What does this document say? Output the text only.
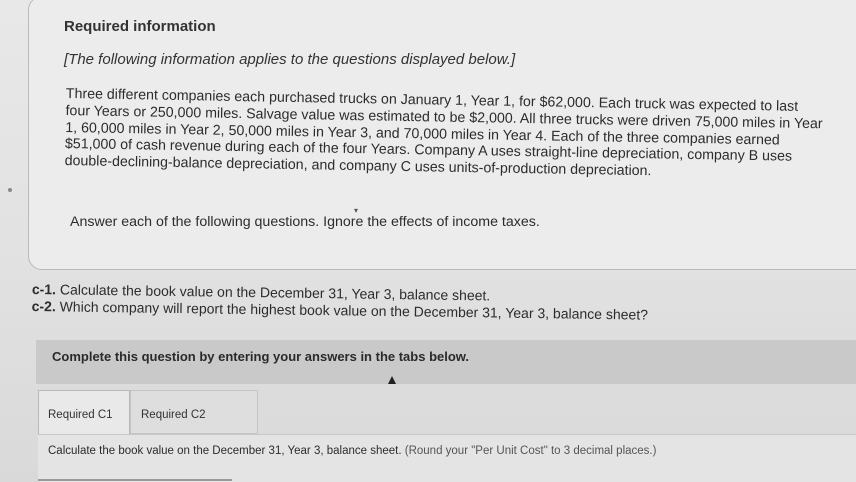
Required information
[The following information applies to the questions displayed below.]
Three different companies each purchased trucks on January 1, Year 1, for $62,000. Each truck was expected to last four Years or 250,000 miles. Salvage value was estimated to be $2,000. All three trucks were driven 75,000 miles in Year 1, 60,000 miles in Year 2, 50,000 miles in Year 3, and 70,000 miles in Year 4. Each of the three companies earned $51,000 of cash revenue during each of the four Years. Company A uses straight-line depreciation, company B uses double-declining-balance depreciation, and company C uses units-of-production depreciation.
▾
Answer each of the following questions. Ignore the effects of income taxes.
c-1. Calculate the book value on the December 31, Year 3, balance sheet.
c-2. Which company will report the highest book value on the December 31, Year 3, balance sheet?
Complete this question by entering your answers in the tabs below.
Required C1	Required C2
Calculate the book value on the December 31, Year 3, balance sheet. (Round your "Per Unit Cost" to 3 decimal places.)
